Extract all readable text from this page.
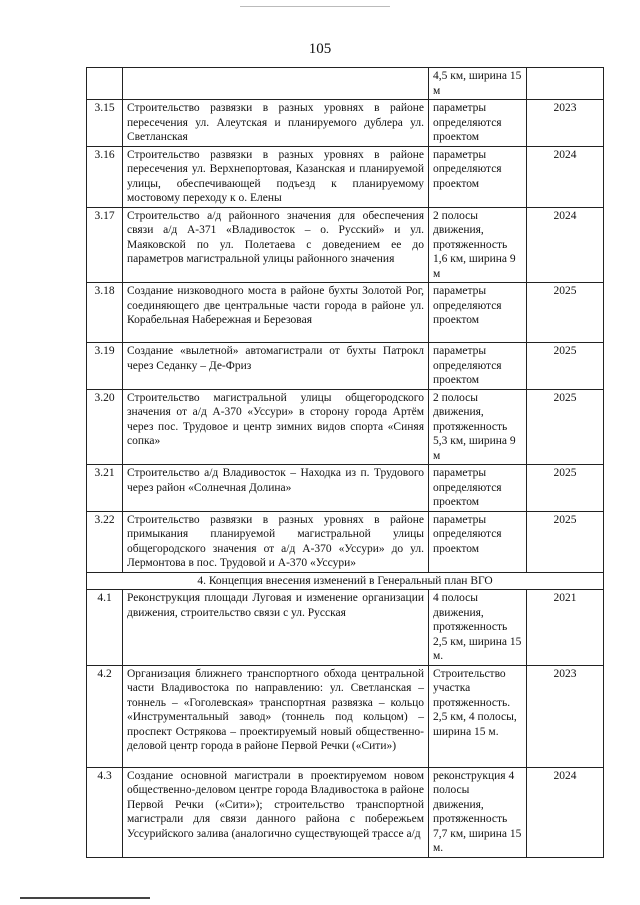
105
		4,5 км, ширина 15 м	
3.15	Строительство развязки в разных уровнях в районе пересечения ул. Алеутская и планируемого дублера ул. Светланская	параметры определяются проектом	2023
3.16	Строительство развязки в разных уровнях в районе пересечения ул. Верхнепортовая, Казанская и планируемой улицы, обеспечивающей подъезд к планируемому мостовому переходу к о. Елены	параметры определяются проектом	2024
3.17	Строительство а/д районного значения для обеспечения связи а/д А-371 «Владивосток – о. Русский» и ул. Маяковской по ул. Полетаева с доведением ее до параметров магистральной улицы районного значения	2 полосы движения, протяженность 1,6 км, ширина 9 м	2024
3.18	Создание низководного моста в районе бухты Золотой Рог, соединяющего две центральные части города в районе ул. Корабельная Набережная и Березовая	параметры определяются проектом	2025
3.19	Создание «вылетной» автомагистрали от бухты Патрокл через Седанку – Де-Фриз	параметры определяются проектом	2025
3.20	Строительство магистральной улицы общегородского значения от а/д А-370 «Уссури» в сторону города Артём через пос. Трудовое и центр зимних видов спорта «Синяя сопка»	2 полосы движения, протяженность 5,3 км, ширина 9 м	2025
3.21	Строительство а/д Владивосток – Находка из п. Трудового через район «Солнечная Долина»	параметры определяются проектом	2025
3.22	Строительство развязки в разных уровнях в районе примыкания планируемой магистральной улицы общегородского значения от а/д А-370 «Уссури» до ул. Лермонтова в пос. Трудовой и А-370 «Уссури»	параметры определяются проектом	2025
4. Концепция внесения изменений в Генеральный план ВГО			
4.1	Реконструкция площади Луговая и изменение организации движения, строительство связи с ул. Русская	4 полосы движения, протяженность 2,5 км, ширина 15 м.	2021
4.2	Организация ближнего транспортного обхода центральной части Владивостока по направлению: ул. Светланская – тоннель – «Гоголевская» транспортная развязка – кольцо «Инструментальный завод» (тоннель под кольцом) – проспект Острякова – проектируемый новый общественно-деловой центр города в районе Первой Речки («Сити»)	Строительство участка протяженность. 2,5 км, 4 полосы, ширина 15 м.	2023
4.3	Создание основной магистрали в проектируемом новом общественно-деловом центре города Владивостока в районе Первой Речки («Сити»); строительство транспортной магистрали для связи данного района с побережьем Уссурийского залива (аналогично существующей трассе а/д	реконструкция 4 полосы движения, протяженность 7,7 км, ширина 15 м.	2024
